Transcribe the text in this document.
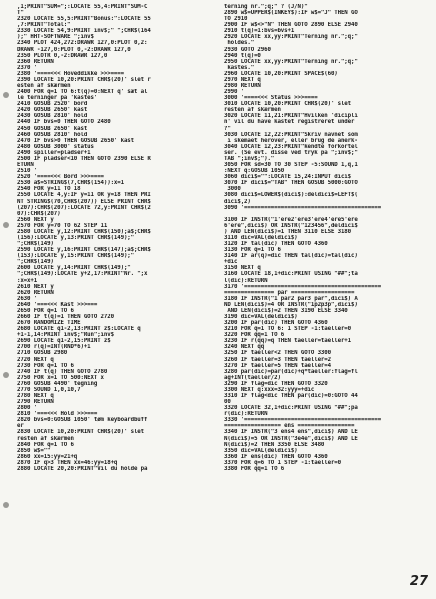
,1;PRINT"SUM=";:LOCATE 55,4:PRINT"SUM-C
T"
2320 LOCATE 55,5:PRINT"Bonus:":LOCATE 55
,7:PRINT"Total:"
2330 LOCATE 54,9:PRINT inv$;" ";CHR$(164
);" HHT-SOFTWARE ";inv$
2340 PLOT 424,272:DRAWR 127,0:PLOT 0,2:
DRAWR -127,0:PLOT 0,-2:DRAWR 127,0
2350 PLOTR 0,-2:DRAWR 127,0
2360 RETURN
2370 '
2380 '====<<< Hoveddikke >>>====
2390 LOCATE 10,20:PRINT CHR$(20)' slet r
esten af skærmen
2400 FOR q=1 TO 6:t(q)=0:NEXT q' sæt al
le terninger på 'kastes'
2410 GOSUB 2520' bord
2420 GOSUB 2650' kast
2430 GOSUB 2810' hold
2440 IF bvs=0 THEN GOTO 2480
2450 GOSUB 2650' kast
2460 GOSUB 2810' hold
2470 IF bvs>0 THEN GOSUB 2650' kast
2480 GOSUB 3000' status
2490 spiller=pladser+1
2500 IF pladser<10 THEN GOTO 2390 ELSE R
ETURN
2510 '
2520 '====<<< Bord >>>====
2530 a$=STRING$(7,CHR$(154)):x=1
2540 FOR y=11 TO 18
2550 LOCATE 4,y:IF y=11 OR y=18 THEN PRI
NT STRING$(70,CHR$(207)) ELSE PRINT CHR$
(207):CHR$(207):LOCATE 72,y:PRINT CHR$(2
07):CHR$(207)
2560 NEXT y
2570 FOR y=70 TO 62 STEP 11
2580 LOCATE y,12:PRINT CHR$(150);a$;CHR$
(156):LOCATE y,13:PRINT CHR$(149);"
";CHR$(149)
2590 LOCATE y,16:PRINT CHR$(147);a$;CHR$
(153):LOCATE y,15:PRINT CHR$(149);"
";CHR$(149)
2600 LOCATE y,14:PRINT CHR$(149);"
";CHR$(149):LOCATE y+2,17:PRINT"Nr. ";x
:x=x+1
2610 NEXT y
2620 RETURN
2630 '
2640 '===<<< Kast >>>===
2650 FOR q=1 TO 6
2660 IF t(q)=1 THEN GOTO 2720
2670 RANDOMIZE TIME
2680 LOCATE q1-2,13:PRINT z$:LOCATE q
+1-1,14:PRINT inv$;"Run";inv$
2690 LOCATE q1-2,15:PRINT z$
2700 r(q)=INT(RND*6)+1
2710 GOSUB 2980
2720 NEXT q
2730 FOR q=1 TO 6
2740 IF t(q) THEN GOTO 2780
2750 FOR x=1 TO 500:NEXT x
2760 GOSUB 4490' tegning
2770 SOUND 1,0,10,7
2780 NEXT q
2790 RETURN
2800 '
2810 '===<<< Hold >>>===
2820 bvs=0:GOSUB 1050' tøm keyboardbuff
er
2830 LOCATE 10,20:PRINT CHR$(20)' slet
resten af skærmen
2840 FOR q=1 TO 6
2850 w$=""
2860 xx=15:yy=21+q
2870 IF q>3 THEN xx=46:yy=18+q
2880 LOCATE 20,20:PRINT"Vil du holde på
terning nr.";q;" ? (J/N)"
2890 w$=UPPER$(INKEY$):IF w$="J" THEN GO
TO 2910
2900 IF w$<>"N" THEN GOTO 2890 ELSE 2940
2910 t(q)=1:bvs=bvs+1
2920 LOCATE xx,yy:PRINT"Terning nr.";q;"
holdes."
2930 GOTO 2960
2940 t(q)=0
2950 LOCATE xx,yy:PRINT"Terning nr.";q;"
kastes."
2960 LOCATE 10,20:PRINT SPACE$(60)
2970 NEXT q
2980 RETURN
2990 '
3000 '====<<< Status >>>====
3010 LOCATE 10,20:PRINT CHR$(20)' slet
resten af skærmen
3020 LOCATE 11,21:PRINT"Hvilken 'dicipli
n' vil du have kastet registreret under
?"
3030 LOCATE 12,22:PRINT"Skriv navnet som
i skemaet herover, eller brug de anerk-
3040 LOCATE 12,23:PRINT"kendte forkortel
ser. (Se evt. disse ved tryk på ";inv$;"
TAB ";inv$;")."
3050 FOR sd=30 TO 30 STEP -5:SOUND 1,q,1
:NEXT q:GOSUB 1050
3060 dici$="":LOCATE 15,24:INPUT dici$
3070 IF dici$="TAB" THEN GOSUB 5000:GOTO
3000
3080 dici$=LOWER$(dici$):deldici$=LEFT$(
dici$,2)
3090 '=========================================
3100 IF INSTR("1'ere2'ere3'ere4'ere5'ere
6'ere",dici$) OR INSTR("123456",deldici$
) AND LEN(dici$)=1 THEN 3110 ELSE 3180
3110 dic=VAL(deldici$)
3120 IF tal(dic) THEN GOTO 4360
3130 FOR q=1 TO 6
3140 IF ar(q)=dic THEN tal(dic)=tal(dic)
+dic
3150 NEXT q
3160 LOCATE 18,1+dic:PRINT USING "##";ta
l(dic):RETURN
3170 '=========================================
=============== par ===================
3180 IF INSTR("1 par2 par3 par",dici$) A
ND LEN(dici$)=4 OR INSTR("1p2p3p",dici$)
AND LEN(dici$)=2 THEN 3190 ELSE 3340
3190 dic=VAL(deldici$)
3200 IF par(dic) THEN GOTO 4360
3210 FOR q=1 TO 6: 1 STEP -1:taeller=0
3220 FOR qq=1 TO 6
3230 IF r(qq)=q THEN taeller=taeller+1
3240 NEXT qq
3250 IF taeller<2 THEN GOTO 3300
3260 IF taeller=3 THEN taeller=2
3270 IF taeller=5 THEN taeller=4
3280 par(dic)=par(dic)+q*taeller:flag=fl
ag+INT(taeller/2)
3290 IF flag=dic THEN GOTO 3320
3300 NEXT q:xxx=32:yyy=+dic
3310 IF flag<dic THEN par(dic)=0:GOTO 44
00
3320 LOCATE 32,1+dic:PRINT USING "##";pa
r(dic):RETURN
3330 '=========================================
================= ens =================
3340 IF INSTR("3 ens4 ens",dici$) AND LE
N(dici$)=5 OR INSTR("3e4e",dici$) AND LE
N(dici$)=2 THEN 3350 ELSE 3480
3350 dic=VAL(deldici$)
3360 IF ens(dic) THEN GOTO 4360
3370 FOR q=6 TO 1 STEP -1:taeller=0
3380 FOR qq=1 TO 6
27
